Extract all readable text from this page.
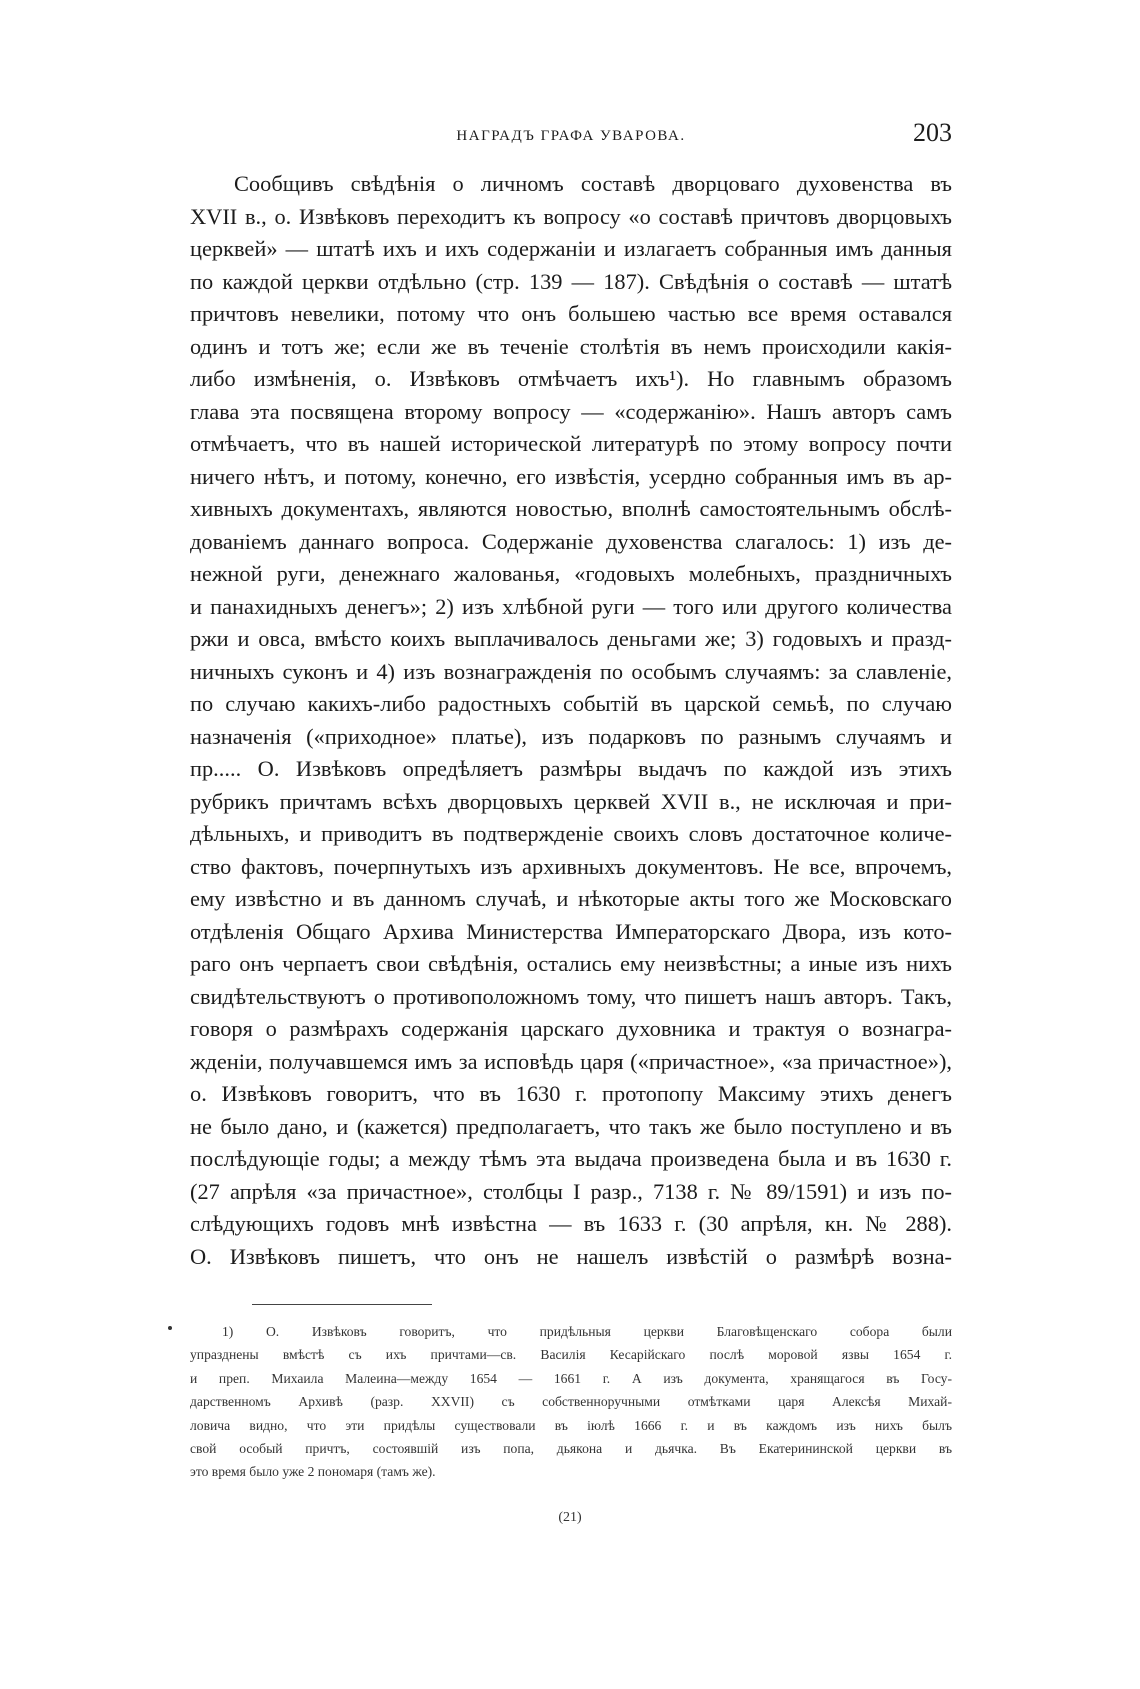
НАГРАДЪ ГРАФА УВАРОВА.	203
Сообщивъ свѣдѣнія о личномъ составѣ дворцоваго духовенства въ
XVII в., о. Извѣковъ переходитъ къ вопросу «о составѣ причтовъ дворцовыхъ
церквей» — штатѣ ихъ и ихъ содержаніи и излагаетъ собранныя имъ данныя
по каждой церкви отдѣльно (стр. 139 — 187). Свѣдѣнія о составѣ — штатѣ
причтовъ невелики, потому что онъ большею частью все время оставался
одинъ и тотъ же; если же въ теченіе столѣтія въ немъ происходили какія-
либо измѣненія, о. Извѣковъ отмѣчаетъ ихъ¹). Но главнымъ образомъ
глава эта посвящена второму вопросу — «содержанію». Нашъ авторъ самъ
отмѣчаетъ, что въ нашей исторической литературѣ по этому вопросу почти
ничего нѣтъ, и потому, конечно, его извѣстія, усердно собранныя имъ въ ар-
хивныхъ документахъ, являются новостью, вполнѣ самостоятельнымъ обслѣ-
дованіемъ даннаго вопроса. Содержаніе духовенства слагалось: 1) изъ де-
нежной руги, денежнаго жалованья, «годовыхъ молебныхъ, праздничныхъ
и панахидныхъ денегъ»; 2) изъ хлѣбной руги — того или другого количества
ржи и овса, вмѣсто коихъ выплачивалось деньгами же; 3) годовыхъ и празд-
ничныхъ суконъ и 4) изъ вознагражденія по особымъ случаямъ: за славленіе,
по случаю какихъ-либо радостныхъ событій въ царской семьѣ, по случаю
назначенія («приходное» платье), изъ подарковъ по разнымъ случаямъ и
пр..... О. Извѣковъ опредѣляетъ размѣры выдачъ по каждой изъ этихъ
рубрикъ причтамъ всѣхъ дворцовыхъ церквей XVII в., не исключая и при-
дѣльныхъ, и приводитъ въ подтвержденіе своихъ словъ достаточное количе-
ство фактовъ, почерпнутыхъ изъ архивныхъ документовъ. Не все, впрочемъ,
ему извѣстно и въ данномъ случаѣ, и нѣкоторые акты того же Московскаго
отдѣленія Общаго Архива Министерства Императорскаго Двора, изъ кото-
раго онъ черпаетъ свои свѣдѣнія, остались ему неизвѣстны; а иные изъ нихъ
свидѣтельствуютъ о противоположномъ тому, что пишетъ нашъ авторъ. Такъ,
говоря о размѣрахъ содержанія царскаго духовника и трактуя о вознагра-
жденіи, получавшемся имъ за исповѣдь царя («причастное», «за причастное»),
о. Извѣковъ говоритъ, что въ 1630 г. протопопу Максиму этихъ денегъ
не было дано, и (кажется) предполагаетъ, что такъ же было поступлено и въ
послѣдующіе годы; а между тѣмъ эта выдача произведена была и въ 1630 г.
(27 апрѣля «за причастное», столбцы І разр., 7138 г. № 89/1591) и изъ по-
слѣдующихъ годовъ мнѣ извѣстна — въ 1633 г. (30 апрѣля, кн. № 288).
О. Извѣковъ пишетъ, что онъ не нашелъ извѣстій о размѣрѣ возна-
1) О. Извѣковъ говоритъ, что придѣльныя церкви Благовѣщенскаго собора были
упразднены вмѣстѣ съ ихъ причтами—св. Василія Кесарійскаго послѣ моровой язвы 1654 г.
и преп. Михаила Малеина—между 1654 — 1661 г. А изъ документа, хранящагося въ Госу-
дарственномъ Архивѣ (разр. XXVII) съ собственноручными отмѣтками царя Алексѣя Михай-
ловича видно, что эти придѣлы существовали въ іюлѣ 1666 г. и въ каждомъ изъ нихъ былъ
свой особый причтъ, состоявшій изъ попа, дьякона и дьячка. Въ Екатерининской церкви въ
это время было уже 2 пономаря (тамъ же).
(21)
